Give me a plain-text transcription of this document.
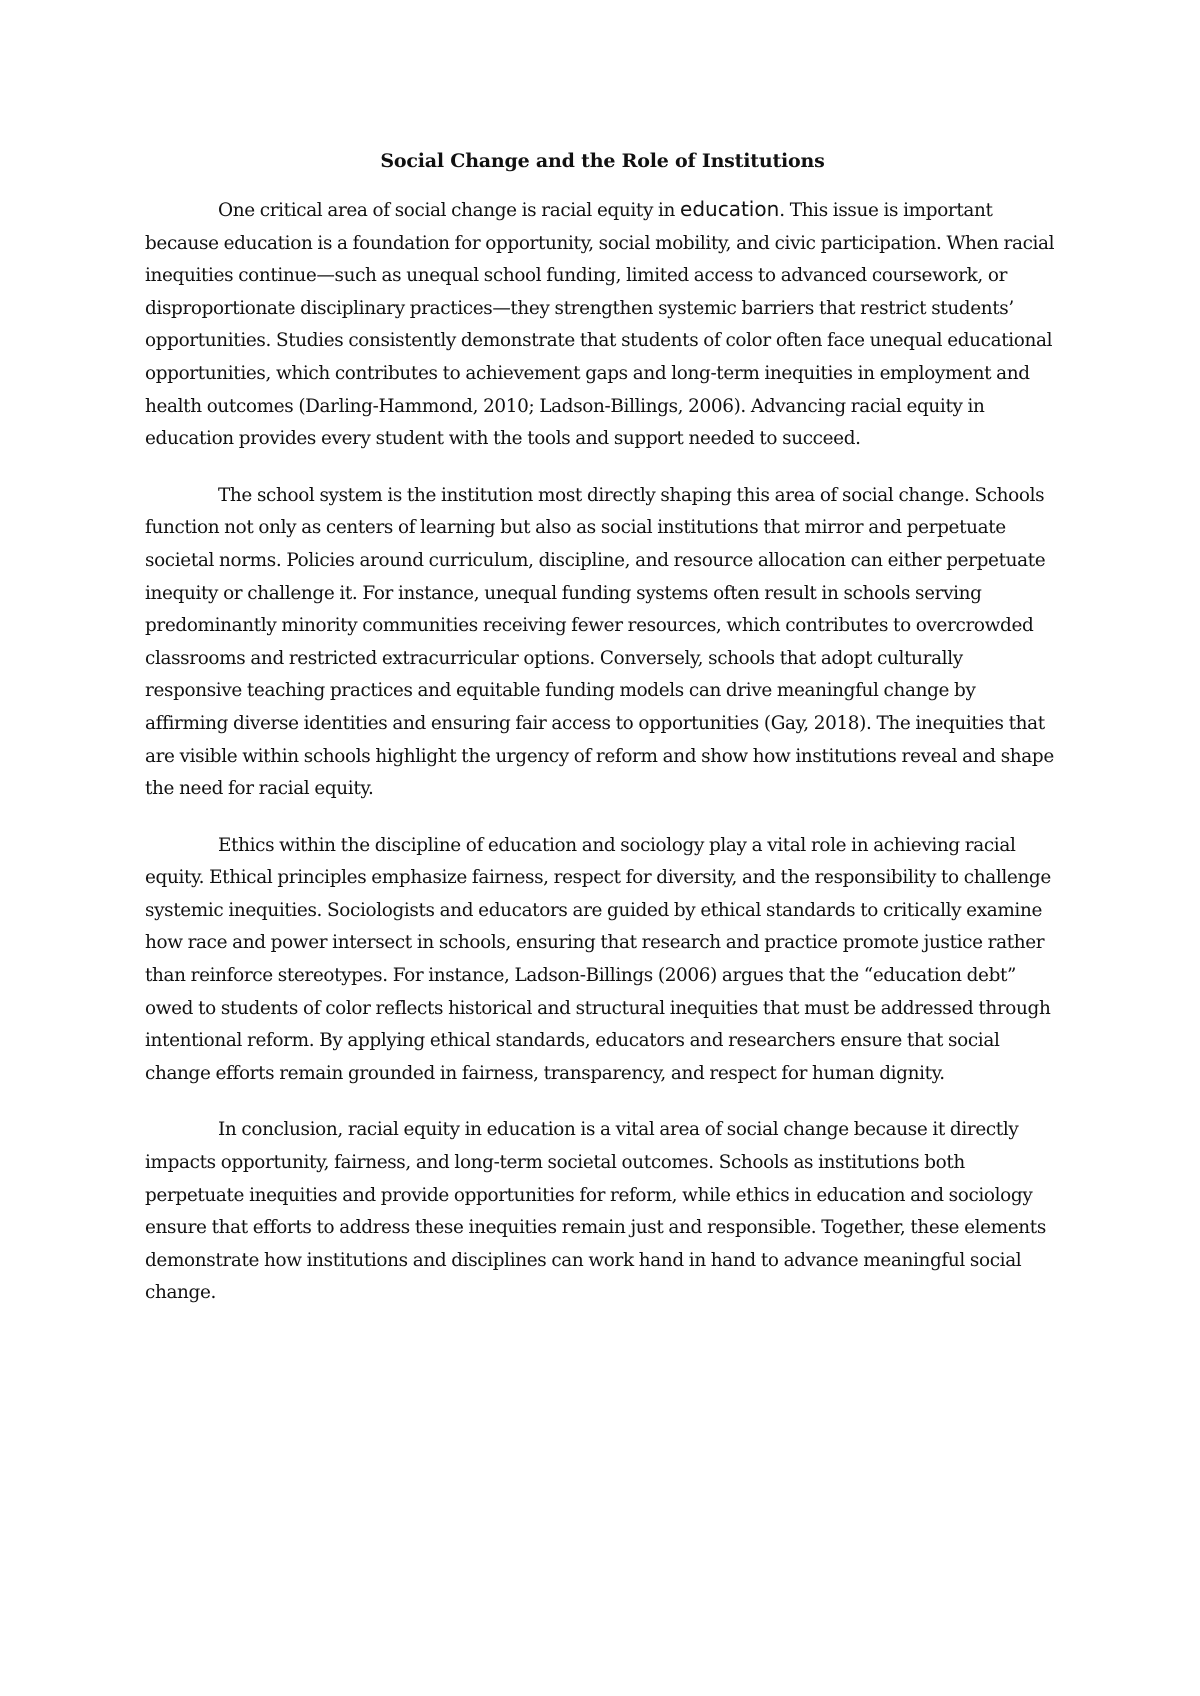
Social Change and the Role of Institutions

One critical area of social change is racial equity in education. This issue is important because education is a foundation for opportunity, social mobility, and civic participation. When racial inequities continue—such as unequal school funding, limited access to advanced coursework, or disproportionate disciplinary practices—they strengthen systemic barriers that restrict students’ opportunities. Studies consistently demonstrate that students of color often face unequal educational opportunities, which contributes to achievement gaps and long-term inequities in employment and health outcomes (Darling-Hammond, 2010; Ladson-Billings, 2006). Advancing racial equity in education provides every student with the tools and support needed to succeed.

The school system is the institution most directly shaping this area of social change. Schools function not only as centers of learning but also as social institutions that mirror and perpetuate societal norms. Policies around curriculum, discipline, and resource allocation can either perpetuate inequity or challenge it. For instance, unequal funding systems often result in schools serving predominantly minority communities receiving fewer resources, which contributes to overcrowded classrooms and restricted extracurricular options. Conversely, schools that adopt culturally responsive teaching practices and equitable funding models can drive meaningful change by affirming diverse identities and ensuring fair access to opportunities (Gay, 2018). The inequities that are visible within schools highlight the urgency of reform and show how institutions reveal and shape the need for racial equity.

Ethics within the discipline of education and sociology play a vital role in achieving racial equity. Ethical principles emphasize fairness, respect for diversity, and the responsibility to challenge systemic inequities. Sociologists and educators are guided by ethical standards to critically examine how race and power intersect in schools, ensuring that research and practice promote justice rather than reinforce stereotypes. For instance, Ladson-Billings (2006) argues that the “education debt” owed to students of color reflects historical and structural inequities that must be addressed through intentional reform. By applying ethical standards, educators and researchers ensure that social change efforts remain grounded in fairness, transparency, and respect for human dignity.

In conclusion, racial equity in education is a vital area of social change because it directly impacts opportunity, fairness, and long-term societal outcomes. Schools as institutions both perpetuate inequities and provide opportunities for reform, while ethics in education and sociology ensure that efforts to address these inequities remain just and responsible. Together, these elements demonstrate how institutions and disciplines can work hand in hand to advance meaningful social change.
